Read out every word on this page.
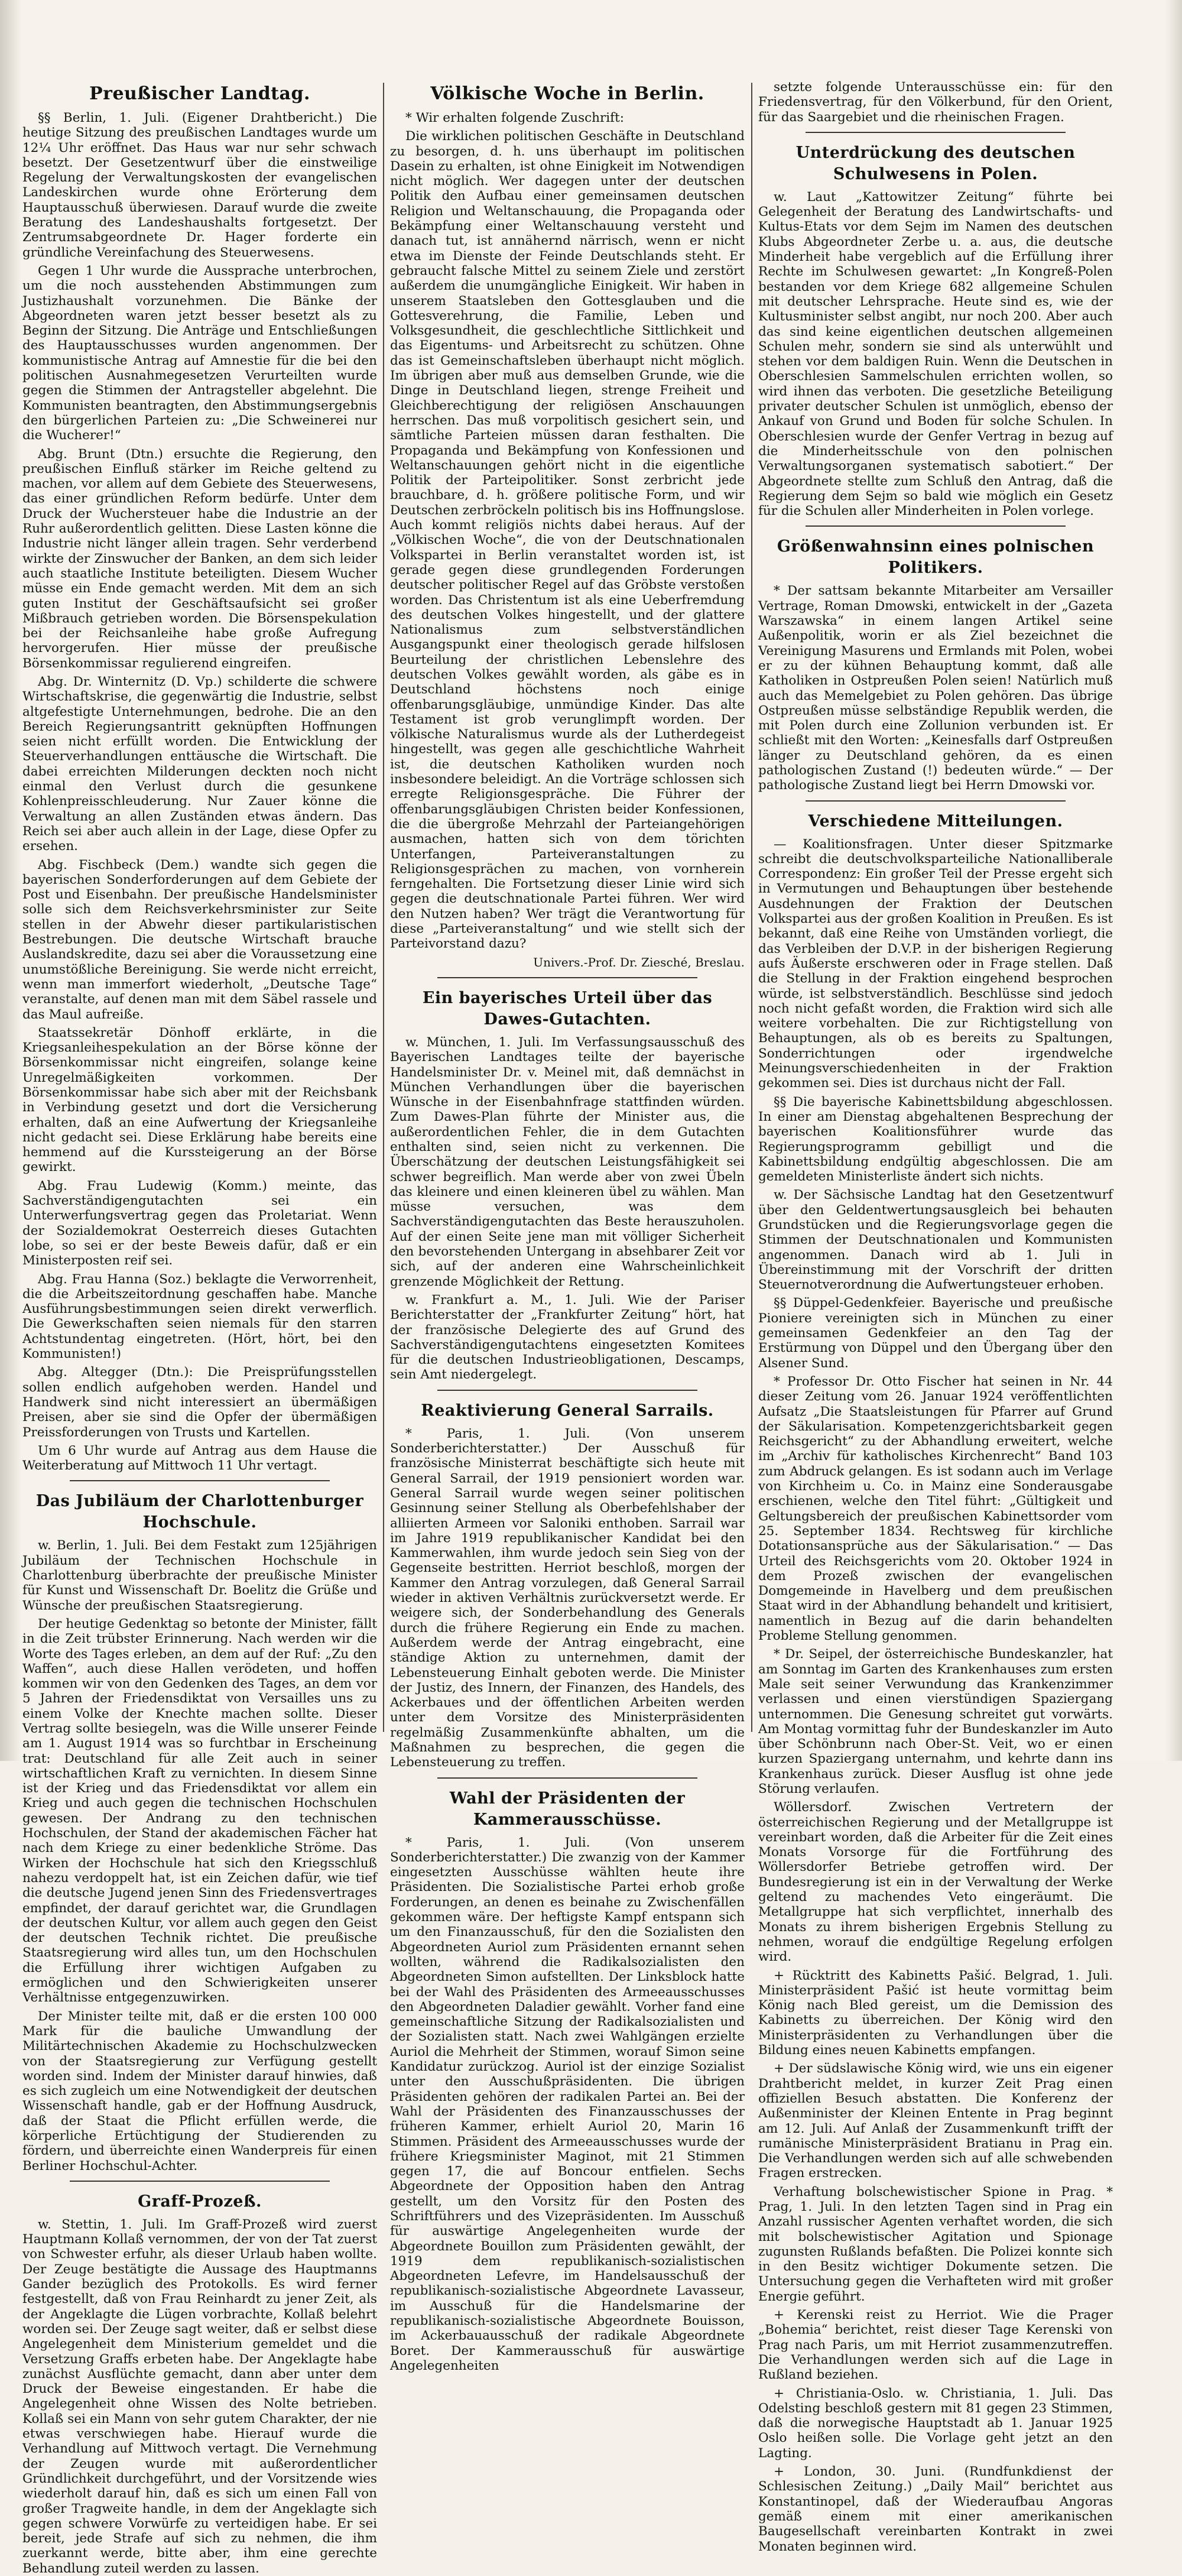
Preußischer Landtag.

§§ Berlin, 1. Juli. (Eigener Drahtbericht.) Die heutige Sitzung des preußischen Landtages wurde um 12¼ Uhr eröffnet. Das Haus war nur sehr schwach besetzt. Der Gesetzentwurf über die einstweilige Regelung der Verwaltungskosten der evangelischen Landeskirchen wurde ohne Erörterung dem Hauptausschuß überwiesen. Darauf wurde die zweite Beratung des Landeshaushalts fortgesetzt. Der Zentrumsabgeordnete Dr. Hager forderte ein gründliche Vereinfachung des Steuerwesens.

Gegen 1 Uhr wurde die Aussprache unterbrochen, um die noch ausstehenden Abstimmungen zum Justizhaushalt vorzunehmen. Die Bänke der Abgeordneten waren jetzt besser besetzt als zu Beginn der Sitzung. Die Anträge und Entschließungen des Hauptausschusses wurden angenommen. Der kommunistische Antrag auf Amnestie für die bei den politischen Ausnahmegesetzen Verurteilten wurde gegen die Stimmen der Antragsteller abgelehnt. Die Kommunisten beantragten, den Abstimmungsergebnis den bürgerlichen Parteien zu: „Die Schweinerei nur die Wucherer!“

Abg. Brunt (Dtn.) ersuchte die Regierung, den preußischen Einfluß stärker im Reiche geltend zu machen, vor allem auf dem Gebiete des Steuerwesens, das einer gründlichen Reform bedürfe. Unter dem Druck der Wuchersteuer habe die Industrie an der Ruhr außerordentlich gelitten. Diese Lasten könne die Industrie nicht länger allein tragen. Sehr verderbend wirkte der Zinswucher der Banken, an dem sich leider auch staatliche Institute beteiligten. Diesem Wucher müsse ein Ende gemacht werden. Mit dem an sich guten Institut der Geschäftsaufsicht sei großer Mißbrauch getrieben worden. Die Börsenspekulation bei der Reichsanleihe habe große Aufregung hervorgerufen. Hier müsse der preußische Börsenkommissar regulierend eingreifen.

Abg. Dr. Winternitz (D. Vp.) schilderte die schwere Wirtschaftskrise, die gegenwärtig die Industrie, selbst altgefestigte Unternehmungen, bedrohe. Die an den Bereich Regierungsantritt geknüpften Hoffnungen seien nicht erfüllt worden. Die Entwicklung der Steuerverhandlungen enttäusche die Wirtschaft. Die dabei erreichten Milderungen deckten noch nicht einmal den Verlust durch die gesunkene Kohlenpreisschleuderung. Nur Zauer könne die Verwaltung an allen Zuständen etwas ändern. Das Reich sei aber auch allein in der Lage, diese Opfer zu ersehen.

Abg. Fischbeck (Dem.) wandte sich gegen die bayerischen Sonderforderungen auf dem Gebiete der Post und Eisenbahn. Der preußische Handelsminister solle sich dem Reichsverkehrsminister zur Seite stellen in der Abwehr dieser partikularistischen Bestrebungen. Die deutsche Wirtschaft brauche Auslandskredite, dazu sei aber die Voraussetzung eine unumstößliche Bereinigung. Sie werde nicht erreicht, wenn man immerfort wiederholt, „Deutsche Tage“ veranstalte, auf denen man mit dem Säbel rassele und das Maul aufreiße.

Staatssekretär Dönhoff erklärte, in die Kriegsanleihespekulation an der Börse könne der Börsenkommissar nicht eingreifen, solange keine Unregelmäßigkeiten vorkommen. Der Börsenkommissar habe sich aber mit der Reichsbank in Verbindung gesetzt und dort die Versicherung erhalten, daß an eine Aufwertung der Kriegsanleihe nicht gedacht sei. Diese Erklärung habe bereits eine hemmend auf die Kurssteigerung an der Börse gewirkt.

Abg. Frau Ludewig (Komm.) meinte, das Sachverständigengutachten sei ein Unterwerfungsvertrag gegen das Proletariat. Wenn der Sozialdemokrat Oesterreich dieses Gutachten lobe, so sei er der beste Beweis dafür, daß er ein Ministerposten reif sei.

Abg. Frau Hanna (Soz.) beklagte die Verworrenheit, die die Arbeitszeitordnung geschaffen habe. Manche Ausführungsbestimmungen seien direkt verwerflich. Die Gewerkschaften seien niemals für den starren Achtstundentag eingetreten. (Hört, hört, bei den Kommunisten!)

Abg. Altegger (Dtn.): Die Preisprüfungsstellen sollen endlich aufgehoben werden. Handel und Handwerk sind nicht interessiert an übermäßigen Preisen, aber sie sind die Opfer der übermäßigen Preissforderungen von Trusts und Kartellen.

Um 6 Uhr wurde auf Antrag aus dem Hause die Weiterberatung auf Mittwoch 11 Uhr vertagt.

Das Jubiläum der Charlottenburger Hochschule.

w. Berlin, 1. Juli. Bei dem Festakt zum 125jährigen Jubiläum der Technischen Hochschule in Charlottenburg überbrachte der preußische Minister für Kunst und Wissenschaft Dr. Boelitz die Grüße und Wünsche der preußischen Staatsregierung.

Der heutige Gedenktag so betonte der Minister, fällt in die Zeit trübster Erinnerung. Nach werden wir die Worte des Tages erleben, an dem auf der Ruf: „Zu den Waffen“, auch diese Hallen verödeten, und hoffen kommen wir von den Gedenken des Tages, an dem vor 5 Jahren der Friedensdiktat von Versailles uns zu einem Volke der Knechte machen sollte. Dieser Vertrag sollte besiegeln, was die Wille unserer Feinde am 1. August 1914 was so furchtbar in Erscheinung trat: Deutschland für alle Zeit auch in seiner wirtschaftlichen Kraft zu vernichten. In diesem Sinne ist der Krieg und das Friedensdiktat vor allem ein Krieg und auch gegen die technischen Hochschulen gewesen. Der Andrang zu den technischen Hochschulen, der Stand der akademischen Fächer hat nach dem Kriege zu einer bedenkliche Ströme. Das Wirken der Hochschule hat sich den Kriegsschluß nahezu verdoppelt hat, ist ein Zeichen dafür, wie tief die deutsche Jugend jenen Sinn des Friedensvertrages empfindet, der darauf gerichtet war, die Grundlagen der deutschen Kultur, vor allem auch gegen den Geist der deutschen Technik richtet. Die preußische Staatsregierung wird alles tun, um den Hochschulen die Erfüllung ihrer wichtigen Aufgaben zu ermöglichen und den Schwierigkeiten unserer Verhältnisse entgegenzuwirken.

Der Minister teilte mit, daß er die ersten 100 000 Mark für die bauliche Umwandlung der Militärtechnischen Akademie zu Hochschulzwecken von der Staatsregierung zur Verfügung gestellt worden sind. Indem der Minister darauf hinwies, daß es sich zugleich um eine Notwendigkeit der deutschen Wissenschaft handle, gab er der Hoffnung Ausdruck, daß der Staat die Pflicht erfüllen werde, die körperliche Ertüchtigung der Studierenden zu fördern, und überreichte einen Wanderpreis für einen Berliner Hochschul-Achter.

Graff-Prozeß.

w. Stettin, 1. Juli. Im Graff-Prozeß wird zuerst Hauptmann Kollaß vernommen, der von der Tat zuerst von Schwester erfuhr, als dieser Urlaub haben wollte. Der Zeuge bestätigte die Aussage des Hauptmanns Gander bezüglich des Protokolls. Es wird ferner festgestellt, daß von Frau Reinhardt zu jener Zeit, als der Angeklagte die Lügen vorbrachte, Kollaß belehrt worden sei. Der Zeuge sagt weiter, daß er selbst diese Angelegenheit dem Ministerium gemeldet und die Versetzung Graffs erbeten habe. Der Angeklagte habe zunächst Ausflüchte gemacht, dann aber unter dem Druck der Beweise eingestanden. Er habe die Angelegenheit ohne Wissen des Nolte betrieben. Kollaß sei ein Mann von sehr gutem Charakter, der nie etwas verschwiegen habe. Hierauf wurde die Verhandlung auf Mittwoch vertagt. Die Vernehmung der Zeugen wurde mit außerordentlicher Gründlichkeit durchgeführt, und der Vorsitzende wies wiederholt darauf hin, daß es sich um einen Fall von großer Tragweite handle, in dem der Angeklagte sich gegen schwere Vorwürfe zu verteidigen habe. Er sei bereit, jede Strafe auf sich zu nehmen, die ihm zuerkannt werde, bitte aber, ihm eine gerechte Behandlung zuteil werden zu lassen.

Völkische Woche in Berlin.

* Wir erhalten folgende Zuschrift:

Die wirklichen politischen Geschäfte in Deutschland zu besorgen, d. h. uns überhaupt im politischen Dasein zu erhalten, ist ohne Einigkeit im Notwendigen nicht möglich. Wer dagegen unter der deutschen Politik den Aufbau einer gemeinsamen deutschen Religion und Weltanschauung, die Propaganda oder Bekämpfung einer Weltanschauung versteht und danach tut, ist annähernd närrisch, wenn er nicht etwa im Dienste der Feinde Deutschlands steht. Er gebraucht falsche Mittel zu seinem Ziele und zerstört außerdem die unumgängliche Einigkeit. Wir haben in unserem Staatsleben den Gottesglauben und die Gottesverehrung, die Familie, Leben und Volksgesundheit, die geschlechtliche Sittlichkeit und das Eigentums- und Arbeitsrecht zu schützen. Ohne das ist Gemeinschaftsleben überhaupt nicht möglich. Im übrigen aber muß aus demselben Grunde, wie die Dinge in Deutschland liegen, strenge Freiheit und Gleichberechtigung der religiösen Anschauungen herrschen. Das muß vorpolitisch gesichert sein, und sämtliche Parteien müssen daran festhalten. Die Propaganda und Bekämpfung von Konfessionen und Weltanschauungen gehört nicht in die eigentliche Politik der Parteipolitiker. Sonst zerbricht jede brauchbare, d. h. größere politische Form, und wir Deutschen zerbröckeln politisch bis ins Hoffnungslose. Auch kommt religiös nichts dabei heraus. Auf der „Völkischen Woche“, die von der Deutschnationalen Volkspartei in Berlin veranstaltet worden ist, ist gerade gegen diese grundlegenden Forderungen deutscher politischer Regel auf das Gröbste verstoßen worden. Das Christentum ist als eine Ueberfremdung des deutschen Volkes hingestellt, und der glattere Nationalismus zum selbstverständlichen Ausgangspunkt einer theologisch gerade hilfslosen Beurteilung der christlichen Lebenslehre des deutschen Volkes gewählt worden, als gäbe es in Deutschland höchstens noch einige offenbarungsgläubige, unmündige Kinder. Das alte Testament ist grob verunglimpft worden. Der völkische Naturalismus wurde als der Lutherdegeist hingestellt, was gegen alle geschichtliche Wahrheit ist, die deutschen Katholiken wurden noch insbesondere beleidigt. An die Vorträge schlossen sich erregte Religionsgespräche. Die Führer der offenbarungsgläubigen Christen beider Konfessionen, die die übergroße Mehrzahl der Parteiangehörigen ausmachen, hatten sich von dem törichten Unterfangen, Parteiveranstaltungen zu Religionsgesprächen zu machen, von vornherein ferngehalten. Die Fortsetzung dieser Linie wird sich gegen die deutschnationale Partei führen. Wer wird den Nutzen haben? Wer trägt die Verantwortung für diese „Parteiveranstaltung“ und wie stellt sich der Parteivorstand dazu?

Univers.-Prof. Dr. Ziesché, Breslau.
Ein bayerisches Urteil über das Dawes-Gutachten.

w. München, 1. Juli. Im Verfassungsausschuß des Bayerischen Landtages teilte der bayerische Handelsminister Dr. v. Meinel mit, daß demnächst in München Verhandlungen über die bayerischen Wünsche in der Eisenbahnfrage stattfinden würden. Zum Dawes-Plan führte der Minister aus, die außerordentlichen Fehler, die in dem Gutachten enthalten sind, seien nicht zu verkennen. Die Überschätzung der deutschen Leistungsfähigkeit sei schwer begreiflich. Man werde aber von zwei Übeln das kleinere und einen kleineren übel zu wählen. Man müsse versuchen, was dem Sachverständigengutachten das Beste herauszuholen. Auf der einen Seite jene man mit völliger Sicherheit den bevorstehenden Untergang in absehbarer Zeit vor sich, auf der anderen eine Wahrscheinlichkeit grenzende Möglichkeit der Rettung.

w. Frankfurt a. M., 1. Juli. Wie der Pariser Berichterstatter der „Frankfurter Zeitung“ hört, hat der französische Delegierte des auf Grund des Sachverständigengutachtens eingesetzten Komitees für die deutschen Industrieobligationen, Descamps, sein Amt niedergelegt.

Reaktivierung General Sarrails.

* Paris, 1. Juli. (Von unserem Sonderberichterstatter.) Der Ausschuß für französische Ministerrat beschäftigte sich heute mit General Sarrail, der 1919 pensioniert worden war. General Sarrail wurde wegen seiner politischen Gesinnung seiner Stellung als Oberbefehlshaber der alliierten Armeen vor Saloniki enthoben. Sarrail war im Jahre 1919 republikanischer Kandidat bei den Kammerwahlen, ihm wurde jedoch sein Sieg von der Gegenseite bestritten. Herriot beschloß, morgen der Kammer den Antrag vorzulegen, daß General Sarrail wieder in aktiven Verhältnis zurückversetzt werde. Er weigere sich, der Sonderbehandlung des Generals durch die frühere Regierung ein Ende zu machen. Außerdem werde der Antrag eingebracht, eine ständige Aktion zu unternehmen, damit der Lebensteuerung Einhalt geboten werde. Die Minister der Justiz, des Innern, der Finanzen, des Handels, des Ackerbaues und der öffentlichen Arbeiten werden unter dem Vorsitze des Ministerpräsidenten regelmäßig Zusammenkünfte abhalten, um die Maßnahmen zu besprechen, die gegen die Lebensteuerung zu treffen.

Wahl der Präsidenten der Kammerausschüsse.

* Paris, 1. Juli. (Von unserem Sonderberichterstatter.) Die zwanzig von der Kammer eingesetzten Ausschüsse wählten heute ihre Präsidenten. Die Sozialistische Partei erhob große Forderungen, an denen es beinahe zu Zwischenfällen gekommen wäre. Der heftigste Kampf entspann sich um den Finanzausschuß, für den die Sozialisten den Abgeordneten Auriol zum Präsidenten ernannt sehen wollten, während die Radikalsozialisten den Abgeordneten Simon aufstellten. Der Linksblock hatte bei der Wahl des Präsidenten des Armeeausschusses den Abgeordneten Daladier gewählt. Vorher fand eine gemeinschaftliche Sitzung der Radikalsozialisten und der Sozialisten statt. Nach zwei Wahlgängen erzielte Auriol die Mehrheit der Stimmen, worauf Simon seine Kandidatur zurückzog. Auriol ist der einzige Sozialist unter den Ausschußpräsidenten. Die übrigen Präsidenten gehören der radikalen Partei an. Bei der Wahl der Präsidenten des Finanzausschusses der früheren Kammer, erhielt Auriol 20, Marin 16 Stimmen. Präsident des Armeeausschusses wurde der frühere Kriegsminister Maginot, mit 21 Stimmen gegen 17, die auf Boncour entfielen. Sechs Abgeordnete der Opposition haben den Antrag gestellt, um den Vorsitz für den Posten des Schriftführers und des Vizepräsidenten. Im Ausschuß für auswärtige Angelegenheiten wurde der Abgeordnete Bouillon zum Präsidenten gewählt, der 1919 dem republikanisch-sozialistischen Abgeordneten Lefevre, im Handelsausschuß der republikanisch-sozialistische Abgeordnete Lavasseur, im Ausschuß für die Handelsmarine der republikanisch-sozialistische Abgeordnete Bouisson, im Ackerbauausschuß der radikale Abgeordnete Boret. Der Kammerausschuß für auswärtige Angelegenheiten

setzte folgende Unterausschüsse ein: für den Friedensvertrag, für den Völkerbund, für den Orient, für das Saargebiet und die rheinischen Fragen.

Unterdrückung des deutschen Schulwesens in Polen.

w. Laut „Kattowitzer Zeitung“ führte bei Gelegenheit der Beratung des Landwirtschafts- und Kultus-Etats vor dem Sejm im Namen des deutschen Klubs Abgeordneter Zerbe u. a. aus, die deutsche Minderheit habe vergeblich auf die Erfüllung ihrer Rechte im Schulwesen gewartet: „In Kongreß-Polen bestanden vor dem Kriege 682 allgemeine Schulen mit deutscher Lehrsprache. Heute sind es, wie der Kultusminister selbst angibt, nur noch 200. Aber auch das sind keine eigentlichen deutschen allgemeinen Schulen mehr, sondern sie sind als unterwühlt und stehen vor dem baldigen Ruin. Wenn die Deutschen in Oberschlesien Sammelschulen errichten wollen, so wird ihnen das verboten. Die gesetzliche Beteiligung privater deutscher Schulen ist unmöglich, ebenso der Ankauf von Grund und Boden für solche Schulen. In Oberschlesien wurde der Genfer Vertrag in bezug auf die Minderheitsschule von den polnischen Verwaltungsorganen systematisch sabotiert.“ Der Abgeordnete stellte zum Schluß den Antrag, daß die Regierung dem Sejm so bald wie möglich ein Gesetz für die Schulen aller Minderheiten in Polen vorlege.

Größenwahnsinn eines polnischen Politikers.

* Der sattsam bekannte Mitarbeiter am Versailler Vertrage, Roman Dmowski, entwickelt in der „Gazeta Warszawska“ in einem langen Artikel seine Außenpolitik, worin er als Ziel bezeichnet die Vereinigung Masurens und Ermlands mit Polen, wobei er zu der kühnen Behauptung kommt, daß alle Katholiken in Ostpreußen Polen seien! Natürlich muß auch das Memelgebiet zu Polen gehören. Das übrige Ostpreußen müsse selbständige Republik werden, die mit Polen durch eine Zollunion verbunden ist. Er schließt mit den Worten: „Keinesfalls darf Ostpreußen länger zu Deutschland gehören, da es einen pathologischen Zustand (!) bedeuten würde.“ — Der pathologische Zustand liegt bei Herrn Dmowski vor.

Verschiedene Mitteilungen.

— Koalitionsfragen. Unter dieser Spitzmarke schreibt die deutschvolksparteiliche Nationalliberale Correspondenz: Ein großer Teil der Presse ergeht sich in Vermutungen und Behauptungen über bestehende Ausdehnungen der Fraktion der Deutschen Volkspartei aus der großen Koalition in Preußen. Es ist bekannt, daß eine Reihe von Umständen vorliegt, die das Verbleiben der D.V.P. in der bisherigen Regierung aufs Äußerste erschweren oder in Frage stellen. Daß die Stellung in der Fraktion eingehend besprochen würde, ist selbstverständlich. Beschlüsse sind jedoch noch nicht gefaßt worden, die Fraktion wird sich alle weitere vorbehalten. Die zur Richtigstellung von Behauptungen, als ob es bereits zu Spaltungen, Sonderrichtungen oder irgendwelche Meinungsverschiedenheiten in der Fraktion gekommen sei. Dies ist durchaus nicht der Fall.

§§ Die bayerische Kabinettsbildung abgeschlossen. In einer am Dienstag abgehaltenen Besprechung der bayerischen Koalitionsführer wurde das Regierungsprogramm gebilligt und die Kabinettsbildung endgültig abgeschlossen. Die am gemeldeten Ministerliste ändert sich nichts.

w. Der Sächsische Landtag hat den Gesetzentwurf über den Geldentwertungsausgleich bei behauten Grundstücken und die Regierungsvorlage gegen die Stimmen der Deutschnationalen und Kommunisten angenommen. Danach wird ab 1. Juli in Übereinstimmung mit der Vorschrift der dritten Steuernotverordnung die Aufwertungsteuer erhoben.

§§ Düppel-Gedenkfeier. Bayerische und preußische Pioniere vereinigten sich in München zu einer gemeinsamen Gedenkfeier an den Tag der Erstürmung von Düppel und den Übergang über den Alsener Sund.

* Professor Dr. Otto Fischer hat seinen in Nr. 44 dieser Zeitung vom 26. Januar 1924 veröffentlichten Aufsatz „Die Staatsleistungen für Pfarrer auf Grund der Säkularisation. Kompetenzgerichtsbarkeit gegen Reichsgericht“ zu der Abhandlung erweitert, welche im „Archiv für katholisches Kirchenrecht“ Band 103 zum Abdruck gelangen. Es ist sodann auch im Verlage von Kirchheim u. Co. in Mainz eine Sonderausgabe erschienen, welche den Titel führt: „Gültigkeit und Geltungsbereich der preußischen Kabinettsorder vom 25. September 1834. Rechtsweg für kirchliche Dotationsansprüche aus der Säkularisation.“ — Das Urteil des Reichsgerichts vom 20. Oktober 1924 in dem Prozeß zwischen der evangelischen Domgemeinde in Havelberg und dem preußischen Staat wird in der Abhandlung behandelt und kritisiert, namentlich in Bezug auf die darin behandelten Probleme Stellung genommen.

* Dr. Seipel, der österreichische Bundeskanzler, hat am Sonntag im Garten des Krankenhauses zum ersten Male seit seiner Verwundung das Krankenzimmer verlassen und einen vierstündigen Spaziergang unternommen. Die Genesung schreitet gut vorwärts. Am Montag vormittag fuhr der Bundeskanzler im Auto über Schönbrunn nach Ober-St. Veit, wo er einen kurzen Spaziergang unternahm, und kehrte dann ins Krankenhaus zurück. Dieser Ausflug ist ohne jede Störung verlaufen.

Wöllersdorf. Zwischen Vertretern der österreichischen Regierung und der Metallgruppe ist vereinbart worden, daß die Arbeiter für die Zeit eines Monats Vorsorge für die Fortführung des Wöllersdorfer Betriebe getroffen wird. Der Bundesregierung ist ein in der Verwaltung der Werke geltend zu machendes Veto eingeräumt. Die Metallgruppe hat sich verpflichtet, innerhalb des Monats zu ihrem bisherigen Ergebnis Stellung zu nehmen, worauf die endgültige Regelung erfolgen wird.

+ Rücktritt des Kabinetts Pašić. Belgrad, 1. Juli. Ministerpräsident Pašić ist heute vormittag beim König nach Bled gereist, um die Demission des Kabinetts zu überreichen. Der König wird den Ministerpräsidenten zu Verhandlungen über die Bildung eines neuen Kabinetts empfangen.

+ Der südslawische König wird, wie uns ein eigener Drahtbericht meldet, in kurzer Zeit Prag einen offiziellen Besuch abstatten. Die Konferenz der Außenminister der Kleinen Entente in Prag beginnt am 12. Juli. Auf Anlaß der Zusammenkunft trifft der rumänische Ministerpräsident Bratianu in Prag ein. Die Verhandlungen werden sich auf alle schwebenden Fragen erstrecken.

Verhaftung bolschewistischer Spione in Prag. * Prag, 1. Juli. In den letzten Tagen sind in Prag ein Anzahl russischer Agenten verhaftet worden, die sich mit bolschewistischer Agitation und Spionage zugunsten Rußlands befaßten. Die Polizei konnte sich in den Besitz wichtiger Dokumente setzen. Die Untersuchung gegen die Verhafteten wird mit großer Energie geführt.

+ Kerenski reist zu Herriot. Wie die Prager „Bohemia“ berichtet, reist dieser Tage Kerenski von Prag nach Paris, um mit Herriot zusammenzutreffen. Die Verhandlungen werden sich auf die Lage in Rußland beziehen.

+ Christiania-Oslo. w. Christiania, 1. Juli. Das Odelsting beschloß gestern mit 81 gegen 23 Stimmen, daß die norwegische Hauptstadt ab 1. Januar 1925 Oslo heißen solle. Die Vorlage geht jetzt an den Lagting.

+ London, 30. Juni. (Rundfunkdienst der Schlesischen Zeitung.) „Daily Mail“ berichtet aus Konstantinopel, daß der Wiederaufbau Angoras gemäß einem mit einer amerikanischen Baugesellschaft vereinbarten Kontrakt in zwei Monaten beginnen wird.
